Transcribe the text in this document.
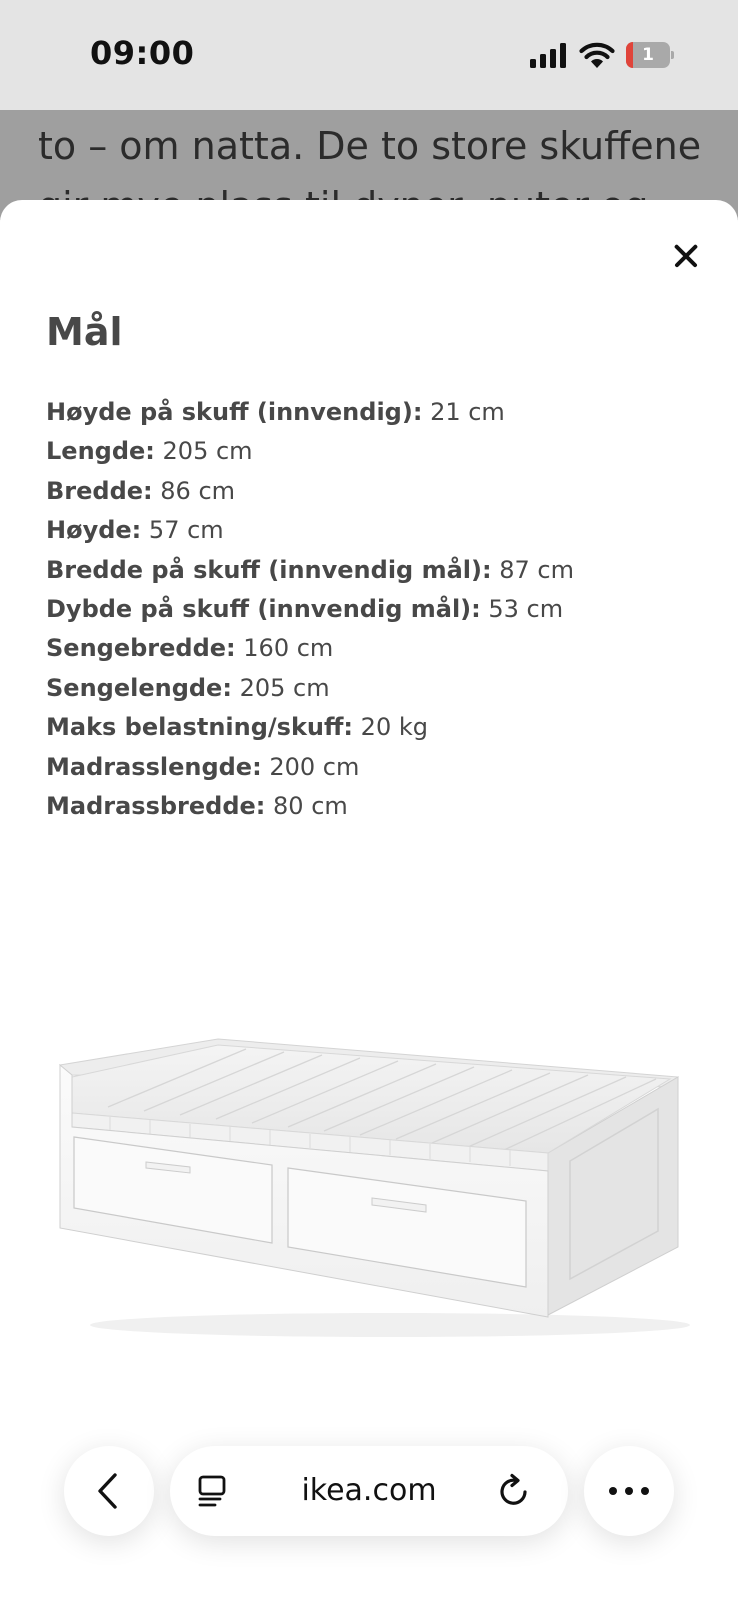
09:00	1
to – om natta. De to store skuffene
Mål
Høyde på skuff (innvendig): 21 cm
Lengde: 205 cm
Bredde: 86 cm
Høyde: 57 cm
Bredde på skuff (innvendig mål): 87 cm
Dybde på skuff (innvendig mål): 53 cm
Sengebredde: 160 cm
Sengelengde: 205 cm
Maks belastning/skuff: 20 kg
Madrasslengde: 200 cm
Madrassbredde: 80 cm
ikea.com
